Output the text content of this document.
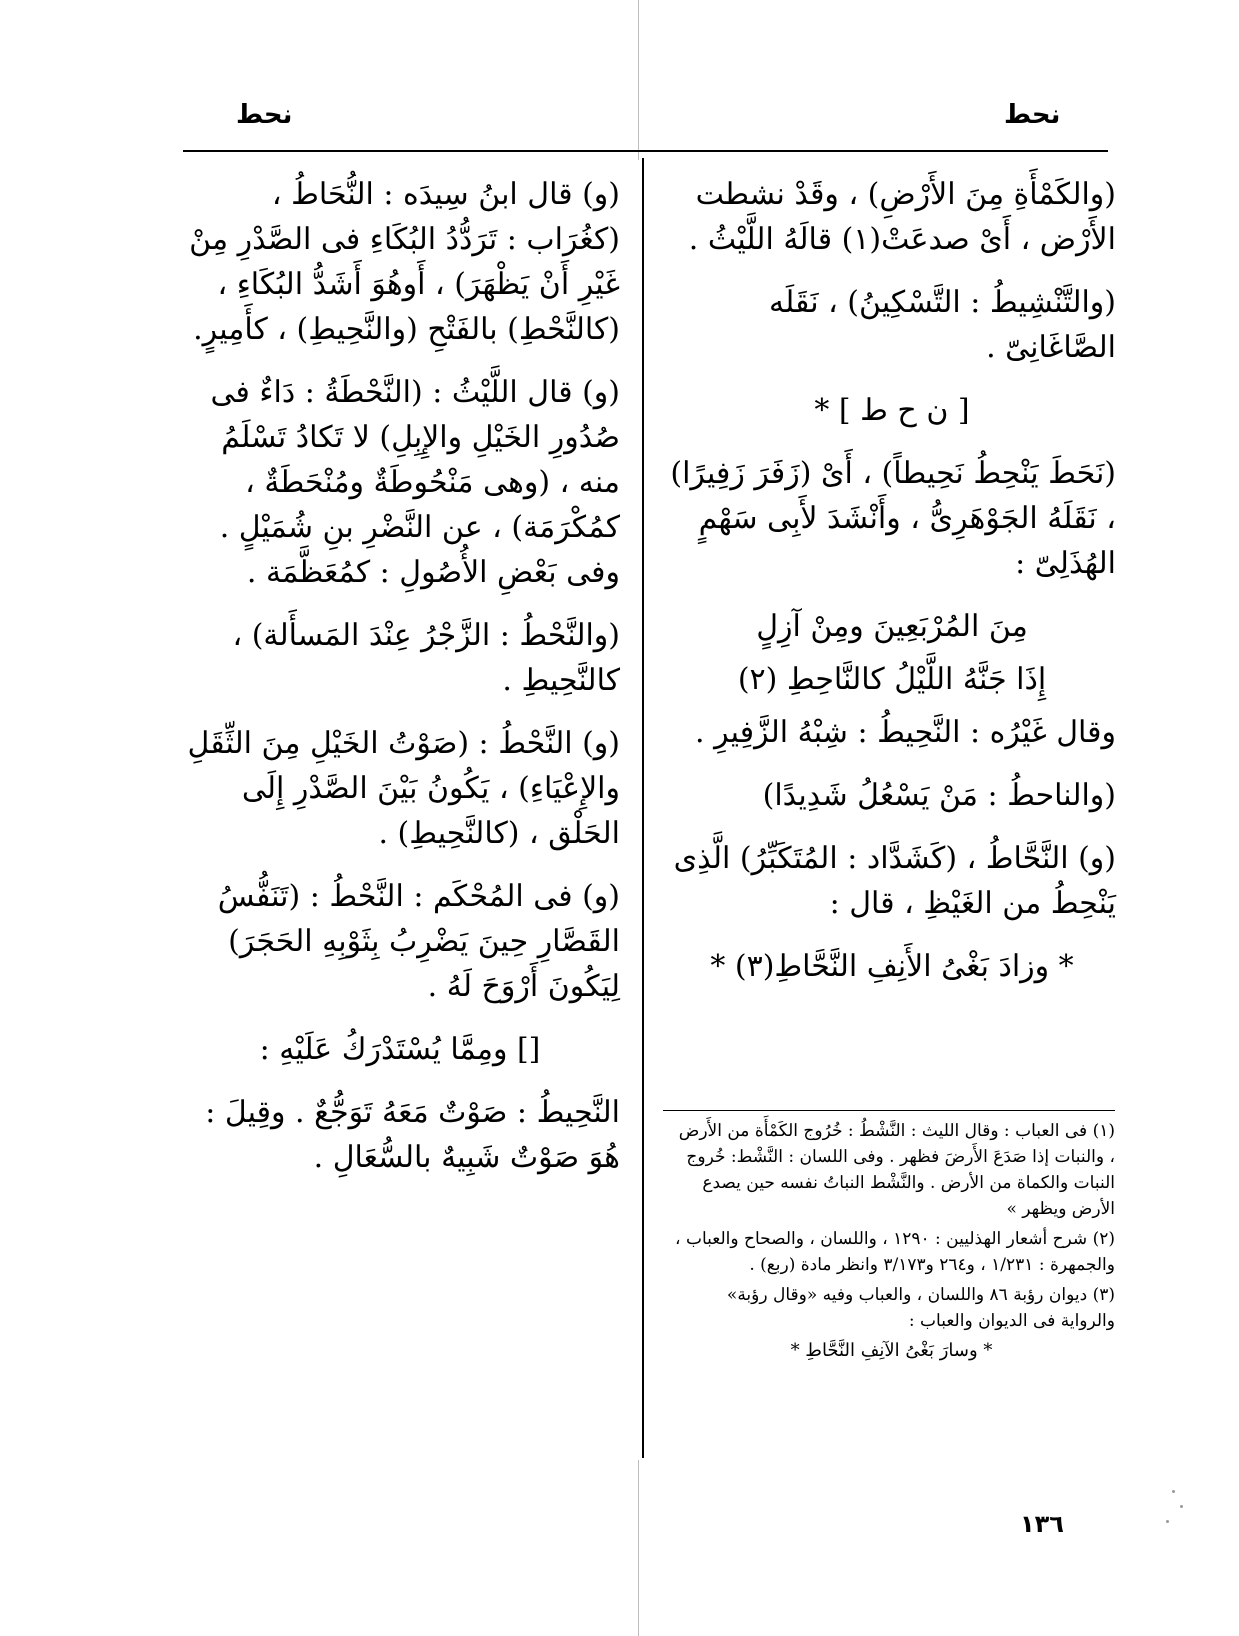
نحط
نحط

(والكَمْأَةِ مِنَ الأَرْضِ) ، وقَدْ نشطت الأَرْض ، أَىْ صدعَتْ(١) قالَهُ اللَّيْثُ .

(والتَّنْشِيطُ : التَّسْكِينُ) ، نَقَلَه الصَّاغَانِىّ .

[ ن ح ط ] *

(نَحَطَ يَنْحِطُ نَحِيطاً) ، أَىْ (زَفَرَ زَفِيرًا) ، نَقَلَهُ الجَوْهَرِىُّ ، وأَنْشَدَ لأَبِى سَهْمٍ الهُذَلِىّ :

مِنَ المُرْبَعِينَ ومِنْ آزِلٍ

إِذَا جَنَّهُ اللَّيْلُ كالنَّاحِطِ (٢)

وقال غَيْرُه : النَّحِيطُ : شِبْهُ الزَّفِيرِ .

(والناحطُ : مَنْ يَسْعُلُ شَدِيدًا)

(و) النَّحَّاطُ ، (كَشَدَّاد : المُتَكَبِّرُ) الَّذِى يَنْحِطُ من الغَيْظِ ، قال :

* وزادَ بَغْىُ الأَنِفِ النَّحَّاطِ(٣) *

(١) فى العباب : وقال الليث : النَّشْطُ : خُرُوج الكَمْأَة من الأَرض ، والنبات إذا صَدَعَ الأَرضَ فظهر . وفى اللسان : النَّشْط: خُروج النبات والكماة من الأرض . والنَّشْط النباتُ نفسه حين يصدع الأرض ويظهر »

(٢) شرح أشعار الهذليين : ١٢٩٠ ، واللسان ، والصحاح والعباب ، والجمهرة : ١/٢٣١ ، و٢٦٤ و٣/١٧٣ وانظر مادة (ربع) .

(٣) ديوان رؤبة ٨٦ واللسان ، والعباب وفيه «وقال رؤبة» والرواية فى الديوان والعباب :

* وسارَ بَغْىُ الآنِفِ النَّحَّاطِ *

(و) قال ابنُ سِيدَه : النُّحَاطُ ، (كغُرَاب : تَرَدُّدُ البُكَاءِ فى الصَّدْرِ مِنْ غَيْرِ أَنْ يَظْهَرَ) ، أَوهُوَ أَشَدُّ البُكَاءِ ، (كالنَّحْطِ) بالفَتْحِ (والنَّحِيطِ) ، كأَمِيرٍ.

(و) قال اللَّيْثُ : (النَّحْطَةُ : دَاءٌ فى صُدُورِ الخَيْلِ والإِبِلِ) لا تَكادُ تَسْلَمُ منه ، (وهى مَنْحُوطَةٌ ومُنْحَطَةٌ ، كمُكْرَمَة) ، عن النَّضْرِ بنِ شُمَيْلٍ . وفى بَعْضِ الأُصُولِ : كمُعَظَّمَة .

(والنَّحْطُ : الزَّجْرُ عِنْدَ المَسأَلة) ، كالنَّحِيطِ .

(و) النَّحْطُ : (صَوْتُ الخَيْلِ مِنَ الثِّقَلِ والإِعْيَاءِ) ، يَكُونُ بَيْنَ الصَّدْرِ إِلَى الحَلْق ، (كالنَّحِيطِ) .

(و) فى المُحْكَم : النَّحْطُ : (تَنَفُّسُ القَصَّارِ حِينَ يَضْرِبُ بِثَوْبِهِ الحَجَرَ) لِيَكُونَ أَرْوَحَ لَهُ .

[] ومِمَّا يُسْتَدْرَكُ عَلَيْهِ :

النَّحِيطُ : صَوْتٌ مَعَهُ تَوَجُّعٌ . وقِيلَ : هُوَ صَوْتٌ شَبِيهٌ بالسُّعَالِ .

١٣٦
